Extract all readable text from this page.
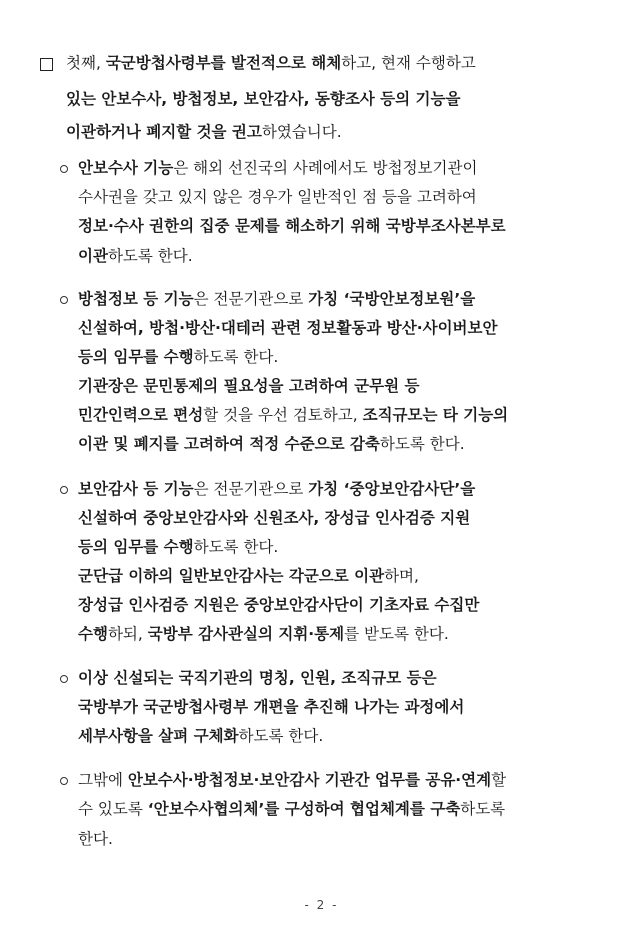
첫째, 국군방첩사령부를 발전적으로 해체하고, 현재 수행하고
있는 안보수사, 방첩정보, 보안감사, 동향조사 등의 기능을
이관하거나 폐지할 것을 권고하였습니다.
안보수사 기능은 해외 선진국의 사례에서도 방첩정보기관이
수사권을 갖고 있지 않은 경우가 일반적인 점 등을 고려하여
정보·수사 권한의 집중 문제를 해소하기 위해 국방부조사본부로
이관하도록 한다.
방첩정보 등 기능은 전문기관으로 가칭 ‘국방안보정보원’을
신설하여, 방첩·방산·대테러 관련 정보활동과 방산·사이버보안
등의 임무를 수행하도록 한다.
기관장은 문민통제의 필요성을 고려하여 군무원 등
민간인력으로 편성할 것을 우선 검토하고, 조직규모는 타 기능의
이관 및 폐지를 고려하여 적정 수준으로 감축하도록 한다.
보안감사 등 기능은 전문기관으로 가칭 ‘중앙보안감사단’을
신설하여 중앙보안감사와 신원조사, 장성급 인사검증 지원
등의 임무를 수행하도록 한다.
군단급 이하의 일반보안감사는 각군으로 이관하며,
장성급 인사검증 지원은 중앙보안감사단이 기초자료 수집만
수행하되, 국방부 감사관실의 지휘·통제를 받도록 한다.
이상 신설되는 국직기관의 명칭, 인원, 조직규모 등은
국방부가 국군방첩사령부 개편을 추진해 나가는 과정에서
세부사항을 살펴 구체화하도록 한다.
그밖에 안보수사·방첩정보·보안감사 기관간 업무를 공유·연계할
수 있도록 ‘안보수사협의체’를 구성하여 협업체계를 구축하도록
한다.
- 2 -
